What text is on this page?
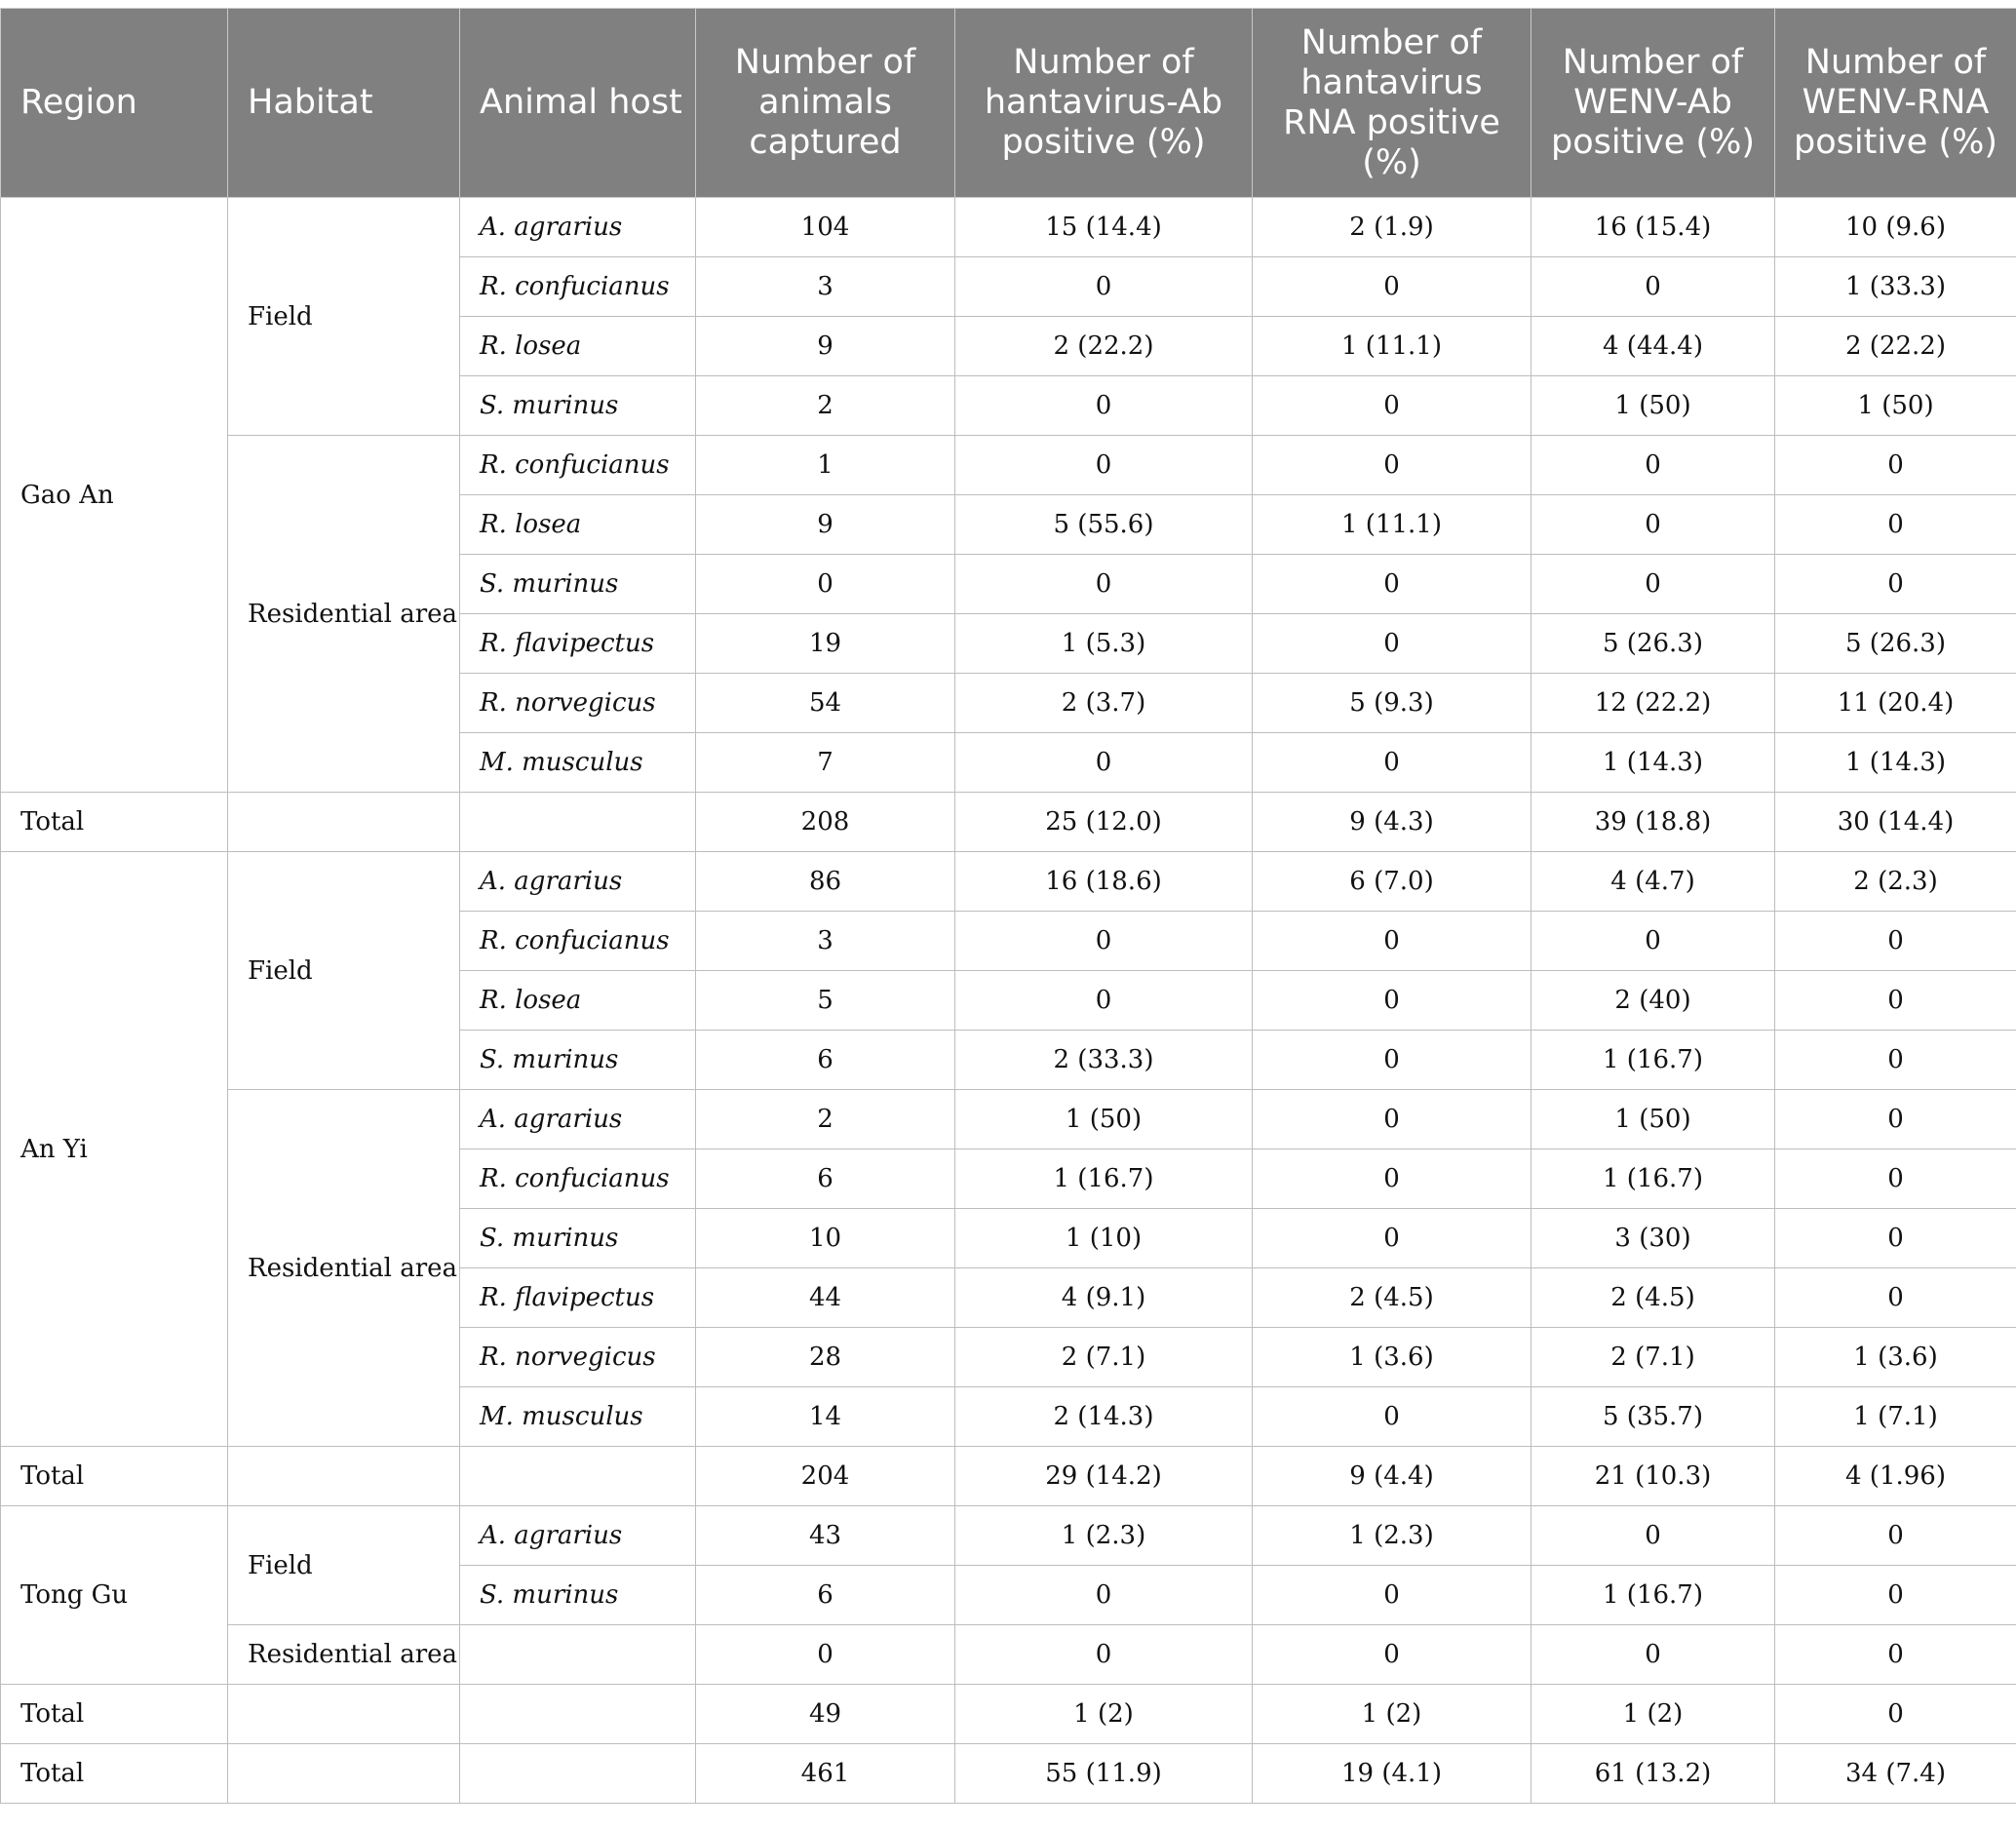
Region	Habitat	Animal host	Number of animals captured	Number of hantavirus-Ab positive (%)	Number of hantavirus RNA positive (%)	Number of WENV-Ab positive (%)	Number of WENV-RNA positive (%)
Gao An	Field	A. agrarius	104	15 (14.4)	2 (1.9)	16 (15.4)	10 (9.6)
		R. confucianus	3	0	0	0	1 (33.3)
		R. losea	9	2 (22.2)	1 (11.1)	4 (44.4)	2 (22.2)
		S. murinus	2	0	0	1 (50)	1 (50)
	Residential area	R. confucianus	1	0	0	0	0
		R. losea	9	5 (55.6)	1 (11.1)	0	0
		S. murinus	0	0	0	0	0
		R. flavipectus	19	1 (5.3)	0	5 (26.3)	5 (26.3)
		R. norvegicus	54	2 (3.7)	5 (9.3)	12 (22.2)	11 (20.4)
		M. musculus	7	0	0	1 (14.3)	1 (14.3)
Total			208	25 (12.0)	9 (4.3)	39 (18.8)	30 (14.4)
An Yi	Field	A. agrarius	86	16 (18.6)	6 (7.0)	4 (4.7)	2 (2.3)
		R. confucianus	3	0	0	0	0
		R. losea	5	0	0	2 (40)	0
		S. murinus	6	2 (33.3)	0	1 (16.7)	0
	Residential area	A. agrarius	2	1 (50)	0	1 (50)	0
		R. confucianus	6	1 (16.7)	0	1 (16.7)	0
		S. murinus	10	1 (10)	0	3 (30)	0
		R. flavipectus	44	4 (9.1)	2 (4.5)	2 (4.5)	0
		R. norvegicus	28	2 (7.1)	1 (3.6)	2 (7.1)	1 (3.6)
		M. musculus	14	2 (14.3)	0	5 (35.7)	1 (7.1)
Total			204	29 (14.2)	9 (4.4)	21 (10.3)	4 (1.96)
Tong Gu	Field	A. agrarius	43	1 (2.3)	1 (2.3)	0	0
		S. murinus	6	0	0	1 (16.7)	0
	Residential area		0	0	0	0	0
Total			49	1 (2)	1 (2)	1 (2)	0
Total			461	55 (11.9)	19 (4.1)	61 (13.2)	34 (7.4)
